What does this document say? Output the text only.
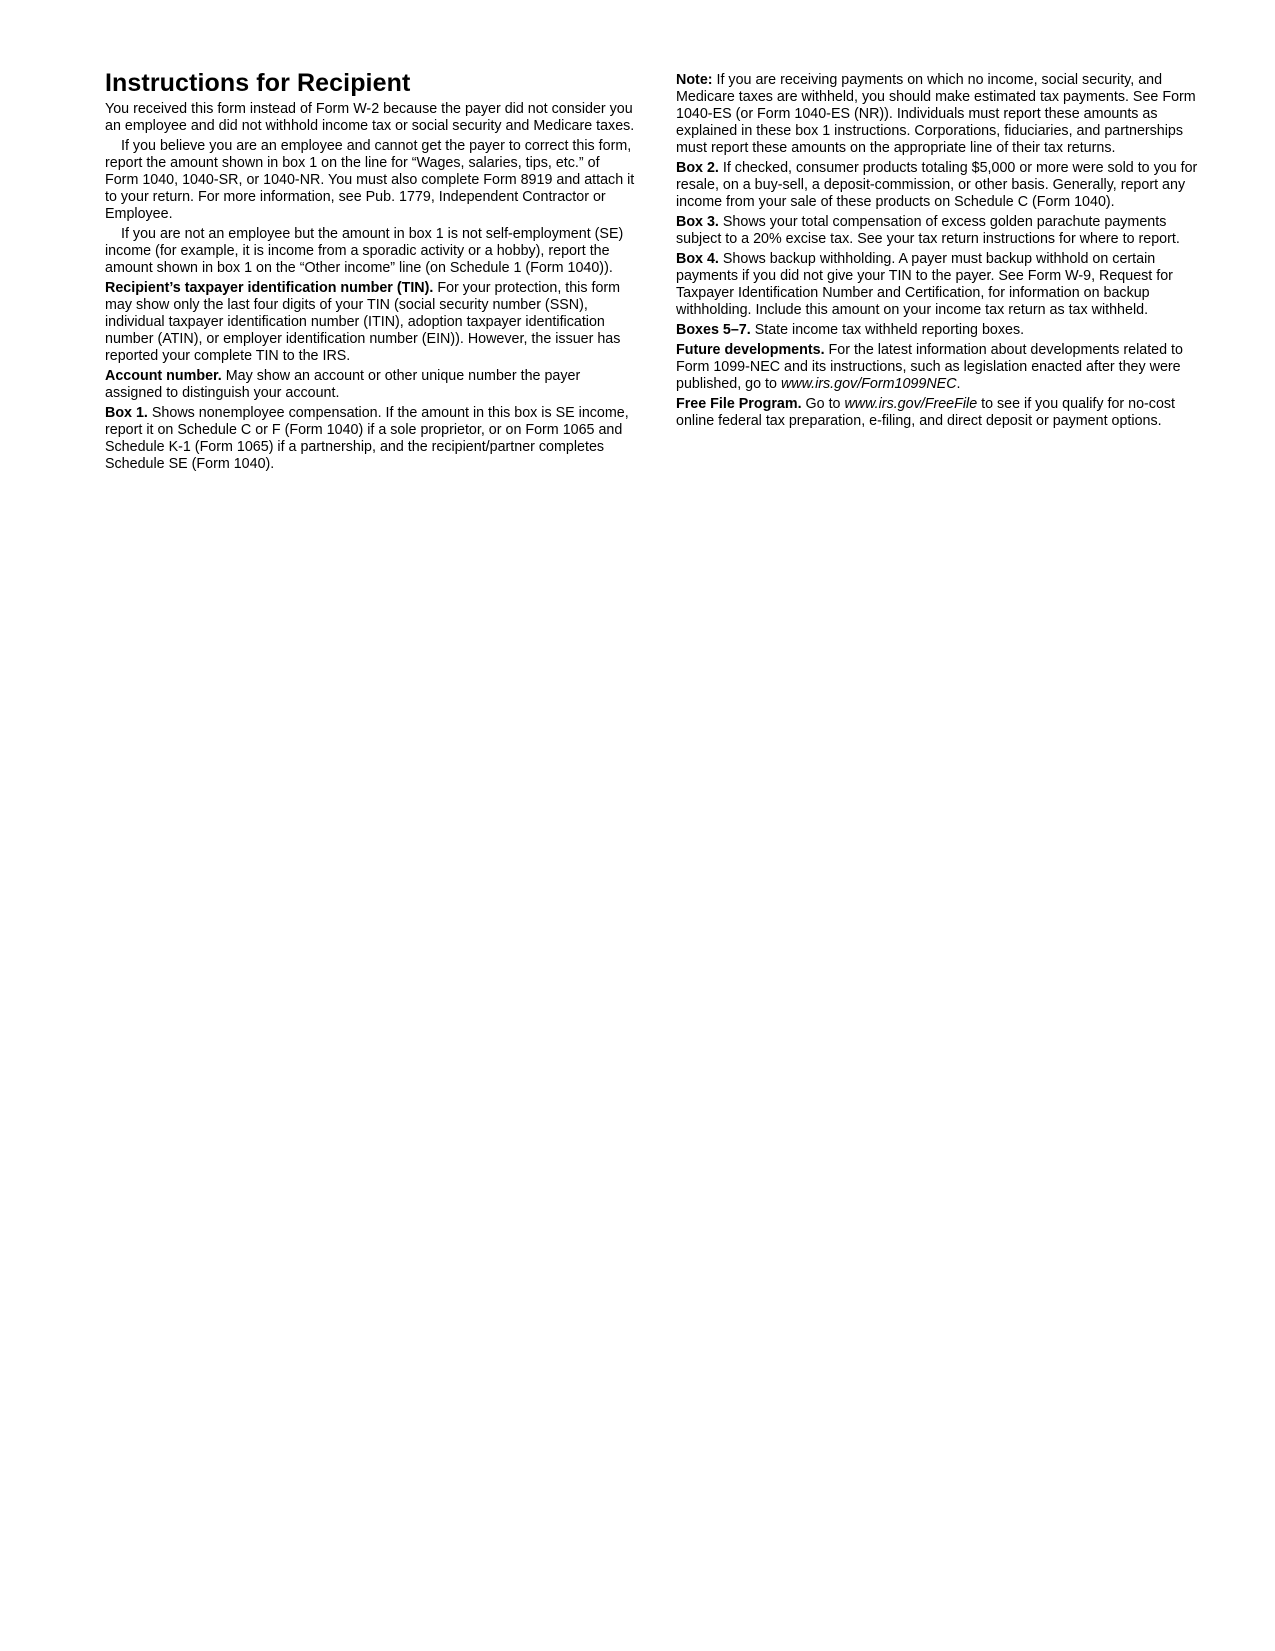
Instructions for Recipient

You received this form instead of Form W-2 because the payer did not consider you an employee and did not withhold income tax or social security and Medicare taxes.

If you believe you are an employee and cannot get the payer to correct this form, report the amount shown in box 1 on the line for “Wages, salaries, tips, etc.” of Form 1040, 1040-SR, or 1040-NR. You must also complete Form 8919 and attach it to your return. For more information, see Pub. 1779, Independent Contractor or Employee.

If you are not an employee but the amount in box 1 is not self-employment (SE) income (for example, it is income from a sporadic activity or a hobby), report the amount shown in box 1 on the “Other income” line (on Schedule 1 (Form 1040)).

Recipient’s taxpayer identification number (TIN). For your protection, this form may show only the last four digits of your TIN (social security number (SSN), individual taxpayer identification number (ITIN), adoption taxpayer identification number (ATIN), or employer identification number (EIN)). However, the issuer has reported your complete TIN to the IRS.

Account number. May show an account or other unique number the payer assigned to distinguish your account.

Box 1. Shows nonemployee compensation. If the amount in this box is SE income, report it on Schedule C or F (Form 1040) if a sole proprietor, or on Form 1065 and Schedule K-1 (Form 1065) if a partnership, and the recipient/partner completes Schedule SE (Form 1040).

Note: If you are receiving payments on which no income, social security, and Medicare taxes are withheld, you should make estimated tax payments. See Form 1040-ES (or Form 1040-ES (NR)). Individuals must report these amounts as explained in these box 1 instructions. Corporations, fiduciaries, and partnerships must report these amounts on the appropriate line of their tax returns.

Box 2. If checked, consumer products totaling $5,000 or more were sold to you for resale, on a buy-sell, a deposit-commission, or other basis. Generally, report any income from your sale of these products on Schedule C (Form 1040).

Box 3. Shows your total compensation of excess golden parachute payments subject to a 20% excise tax. See your tax return instructions for where to report.

Box 4. Shows backup withholding. A payer must backup withhold on certain payments if you did not give your TIN to the payer. See Form W-9, Request for Taxpayer Identification Number and Certification, for information on backup withholding. Include this amount on your income tax return as tax withheld.

Boxes 5–7. State income tax withheld reporting boxes.

Future developments. For the latest information about developments related to Form 1099-NEC and its instructions, such as legislation enacted after they were published, go to www.irs.gov/Form1099NEC.

Free File Program. Go to www.irs.gov/FreeFile to see if you qualify for no-cost online federal tax preparation, e-filing, and direct deposit or payment options.
